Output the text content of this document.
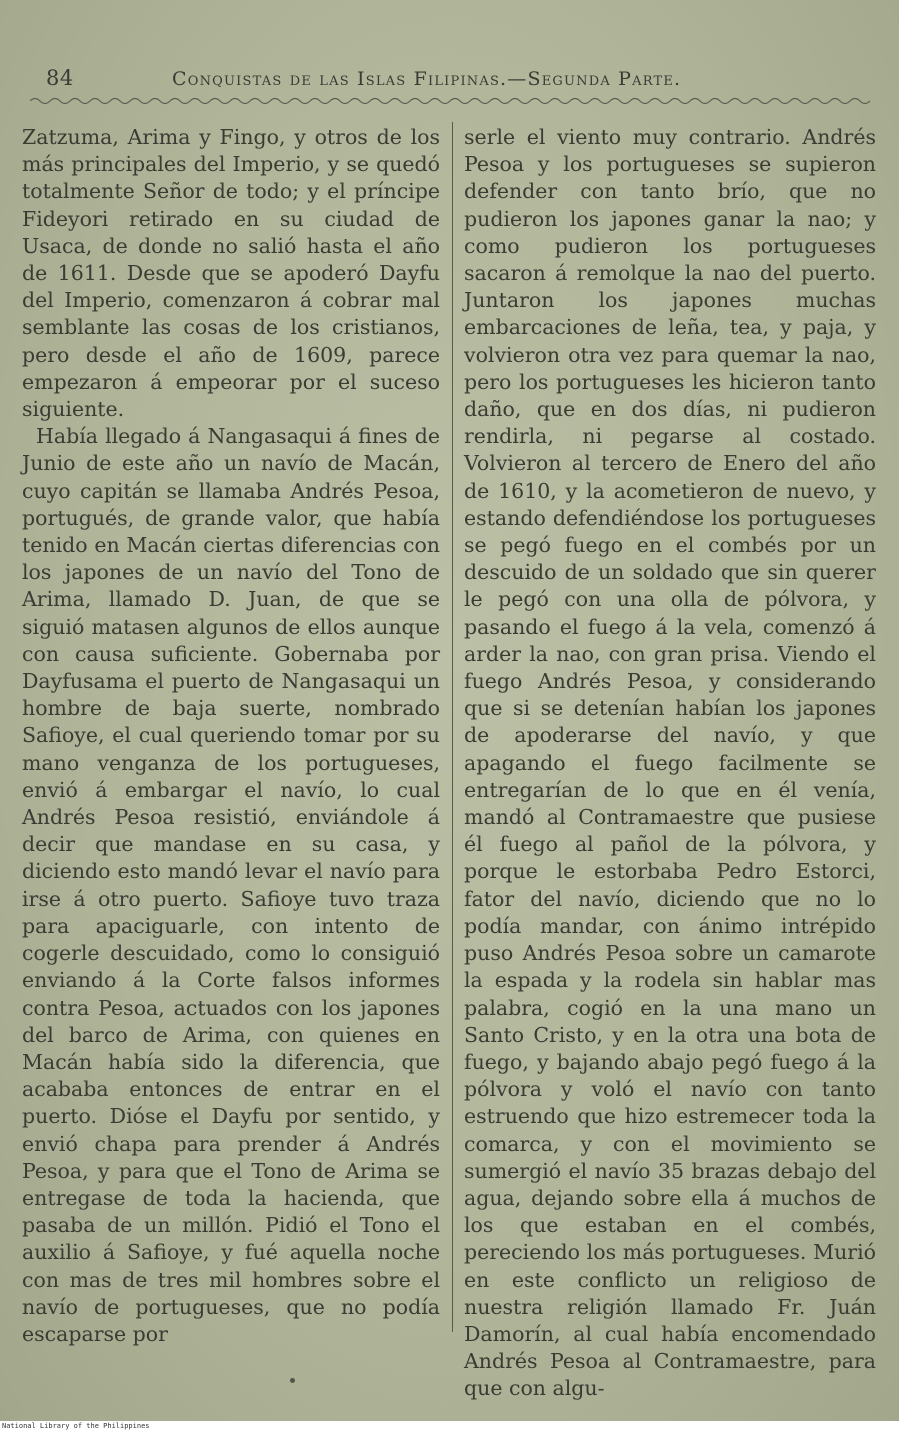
84	Conquistas de las Islas Filipinas.—Segunda Parte.

Zatzuma, Arima y Fingo, y otros de los más principales del Imperio, y se quedó totalmente Señor de todo; y el príncipe Fideyori retirado en su ciudad de Usaca, de donde no salió hasta el año de 1611. Desde que se apoderó Dayfu del Imperio, comenzaron á cobrar mal semblante las cosas de los cristianos, pero desde el año de 1609, parece empezaron á empeorar por el suceso siguiente.

Había llegado á Nangasaqui á fines de Junio de este año un navío de Macán, cuyo capitán se llamaba Andrés Pesoa, portugués, de grande valor, que había tenido en Macán ciertas diferencias con los japones de un navío del Tono de Arima, llamado D. Juan, de que se siguió matasen algunos de ellos aunque con causa suficiente. Gobernaba por Dayfusama el puerto de Nangasaqui un hombre de baja suerte, nombrado Safioye, el cual queriendo tomar por su mano venganza de los portugueses, envió á embargar el navío, lo cual Andrés Pesoa resistió, enviándole á decir que mandase en su casa, y diciendo esto mandó levar el navío para irse á otro puerto. Safioye tuvo traza para apaciguarle, con intento de cogerle descuidado, como lo consiguió enviando á la Corte falsos informes contra Pesoa, actuados con los japones del barco de Arima, con quienes en Macán había sido la diferencia, que acababa entonces de entrar en el puerto. Dióse el Dayfu por sentido, y envió chapa para prender á Andrés Pesoa, y para que el Tono de Arima se entregase de toda la hacienda, que pasaba de un millón. Pidió el Tono el auxilio á Safioye, y fué aquella noche con mas de tres mil hombres sobre el navío de portugueses, que no podía escaparse por

serle el viento muy contrario. Andrés Pesoa y los portugueses se supieron defender con tanto brío, que no pudieron los japones ganar la nao; y como pudieron los portugueses sacaron á remolque la nao del puerto. Juntaron los japones muchas embarcaciones de leña, tea, y paja, y volvieron otra vez para quemar la nao, pero los portugueses les hicieron tanto daño, que en dos días, ni pudieron rendirla, ni pegarse al costado. Volvieron al tercero de Enero del año de 1610, y la acometieron de nuevo, y estando defendiéndose los portugueses se pegó fuego en el combés por un descuido de un soldado que sin querer le pegó con una olla de pólvora, y pasando el fuego á la vela, comenzó á arder la nao, con gran prisa. Viendo el fuego Andrés Pesoa, y considerando que si se detenían habían los japones de apoderarse del navío, y que apagando el fuego facilmente se entregarían de lo que en él venía, mandó al Contramaestre que pusiese él fuego al pañol de la pólvora, y porque le estorbaba Pedro Estorci, fator del navío, diciendo que no lo podía mandar, con ánimo intrépido puso Andrés Pesoa sobre un camarote la espada y la rodela sin hablar mas palabra, cogió en la una mano un Santo Cristo, y en la otra una bota de fuego, y bajando abajo pegó fuego á la pólvora y voló el navío con tanto estruendo que hizo estremecer toda la comarca, y con el movimiento se sumergió el navío 35 brazas debajo del agua, dejando sobre ella á muchos de los que estaban en el combés, pereciendo los más portugueses. Murió en este conflicto un religioso de nuestra religión llamado Fr. Juán Damorín, al cual había encomendado Andrés Pesoa al Contramaestre, para que con algu-

National Library of the Philippines
